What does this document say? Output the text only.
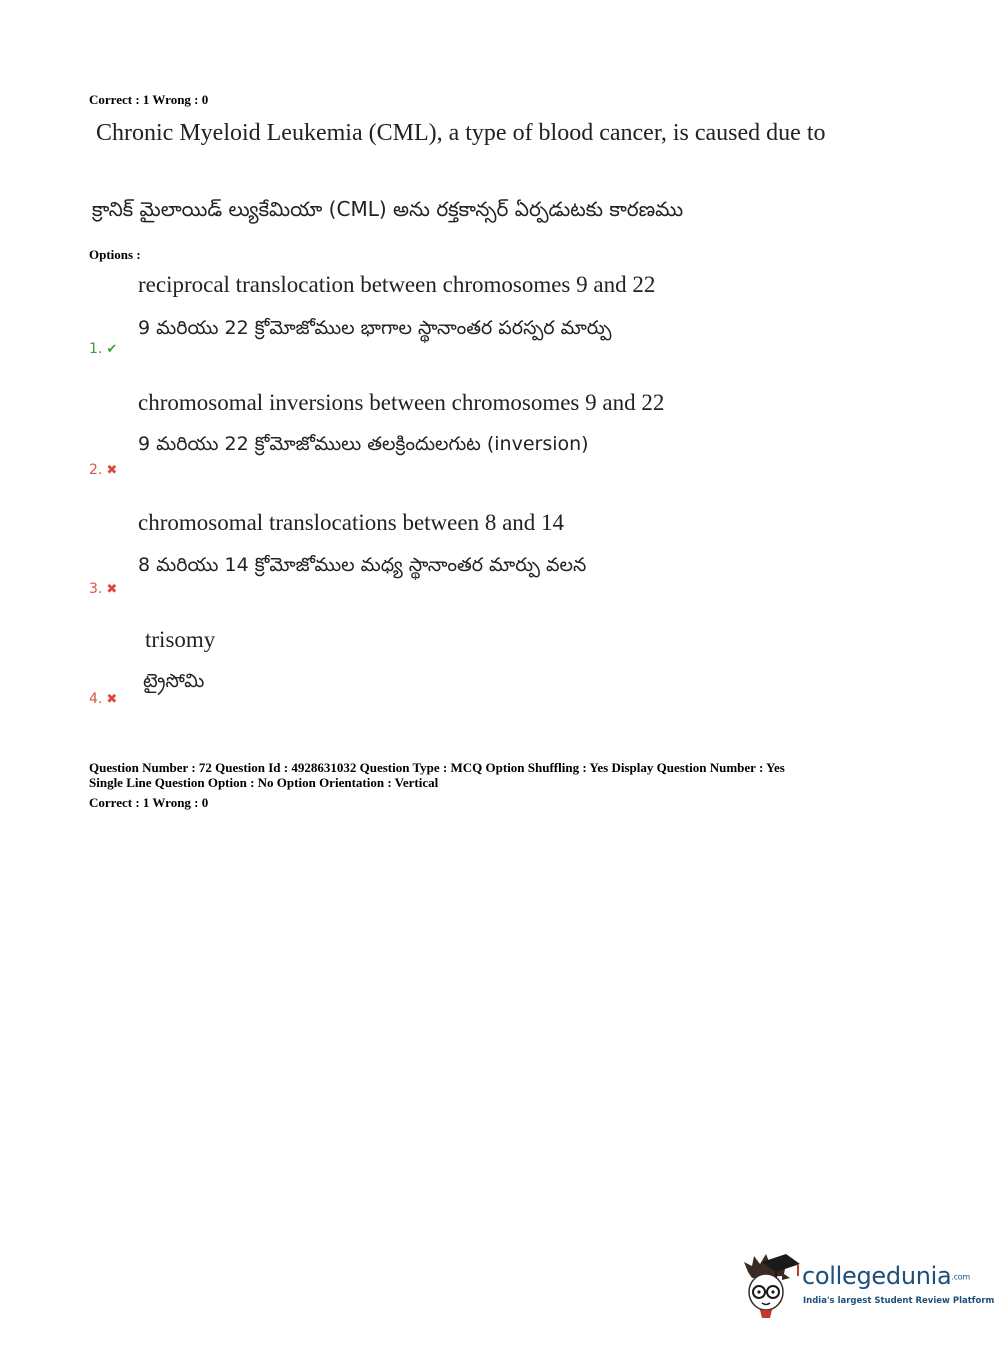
Correct : 1 Wrong : 0
Chronic Myeloid Leukemia (CML), a type of blood cancer, is caused due to
క్రానిక్ మైలాయిడ్ ల్యుకేమియా (CML) అను రక్తకాన్సర్ ఏర్పడుటకు కారణము
Options :
reciprocal translocation between chromosomes 9 and 22
9 మరియు 22 క్రోమోజోముల భాగాల స్థానాంతర పరస్పర మార్పు
1. ✔
chromosomal inversions between chromosomes 9 and 22
9 మరియు 22 క్రోమోజోములు తలక్రిందులగుట (inversion)
2. ✖
chromosomal translocations between 8 and 14
8 మరియు 14 క్రోమోజోముల మధ్య స్థానాంతర మార్పు వలన
3. ✖
trisomy
ట్రైసోమి
4. ✖
Question Number : 72 Question Id : 4928631032 Question Type : MCQ Option Shuffling : Yes Display Question Number : Yes
Single Line Question Option : No Option Orientation : Vertical
Correct : 1 Wrong : 0
collegedunia.com
India's largest Student Review Platform
